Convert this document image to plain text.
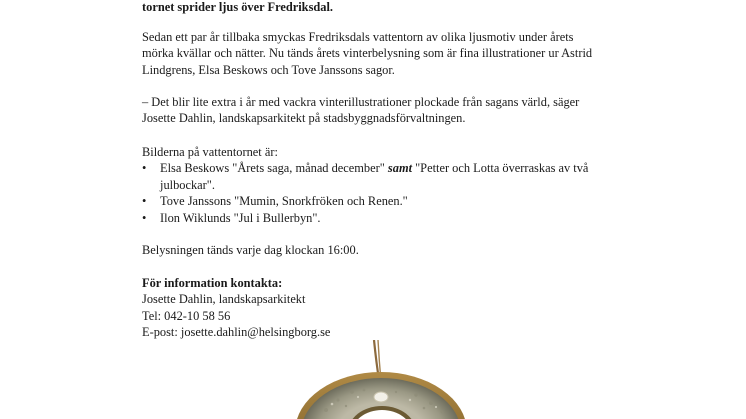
tornet sprider ljus över Fredriksdal.

Sedan ett par år tillbaka smyckas Fredriksdals vattentorn av olika ljusmotiv under årets mörka kvällar och nätter. Nu tänds årets vinterbelysning som är fina illustrationer ur Astrid Lindgrens, Elsa Beskows och Tove Janssons sagor.

– Det blir lite extra i år med vackra vinterillustrationer plockade från sagans värld, säger Josette Dahlin, landskapsarkitekt på stadsbyggnadsförvaltningen.

Bilderna på vattentornet är:
• Elsa Beskows "Årets saga, månad december" samt "Petter och Lotta överraskas av två julbockar".
• Tove Janssons "Mumin, Snorkfröken och Renen."
• Ilon Wiklunds "Jul i Bullerbyn".

Belysningen tänds varje dag klockan 16:00.

För information kontakta:
Josette Dahlin, landskapsarkitekt
Tel: 042-10 58 56
E-post: josette.dahlin@helsingborg.se
